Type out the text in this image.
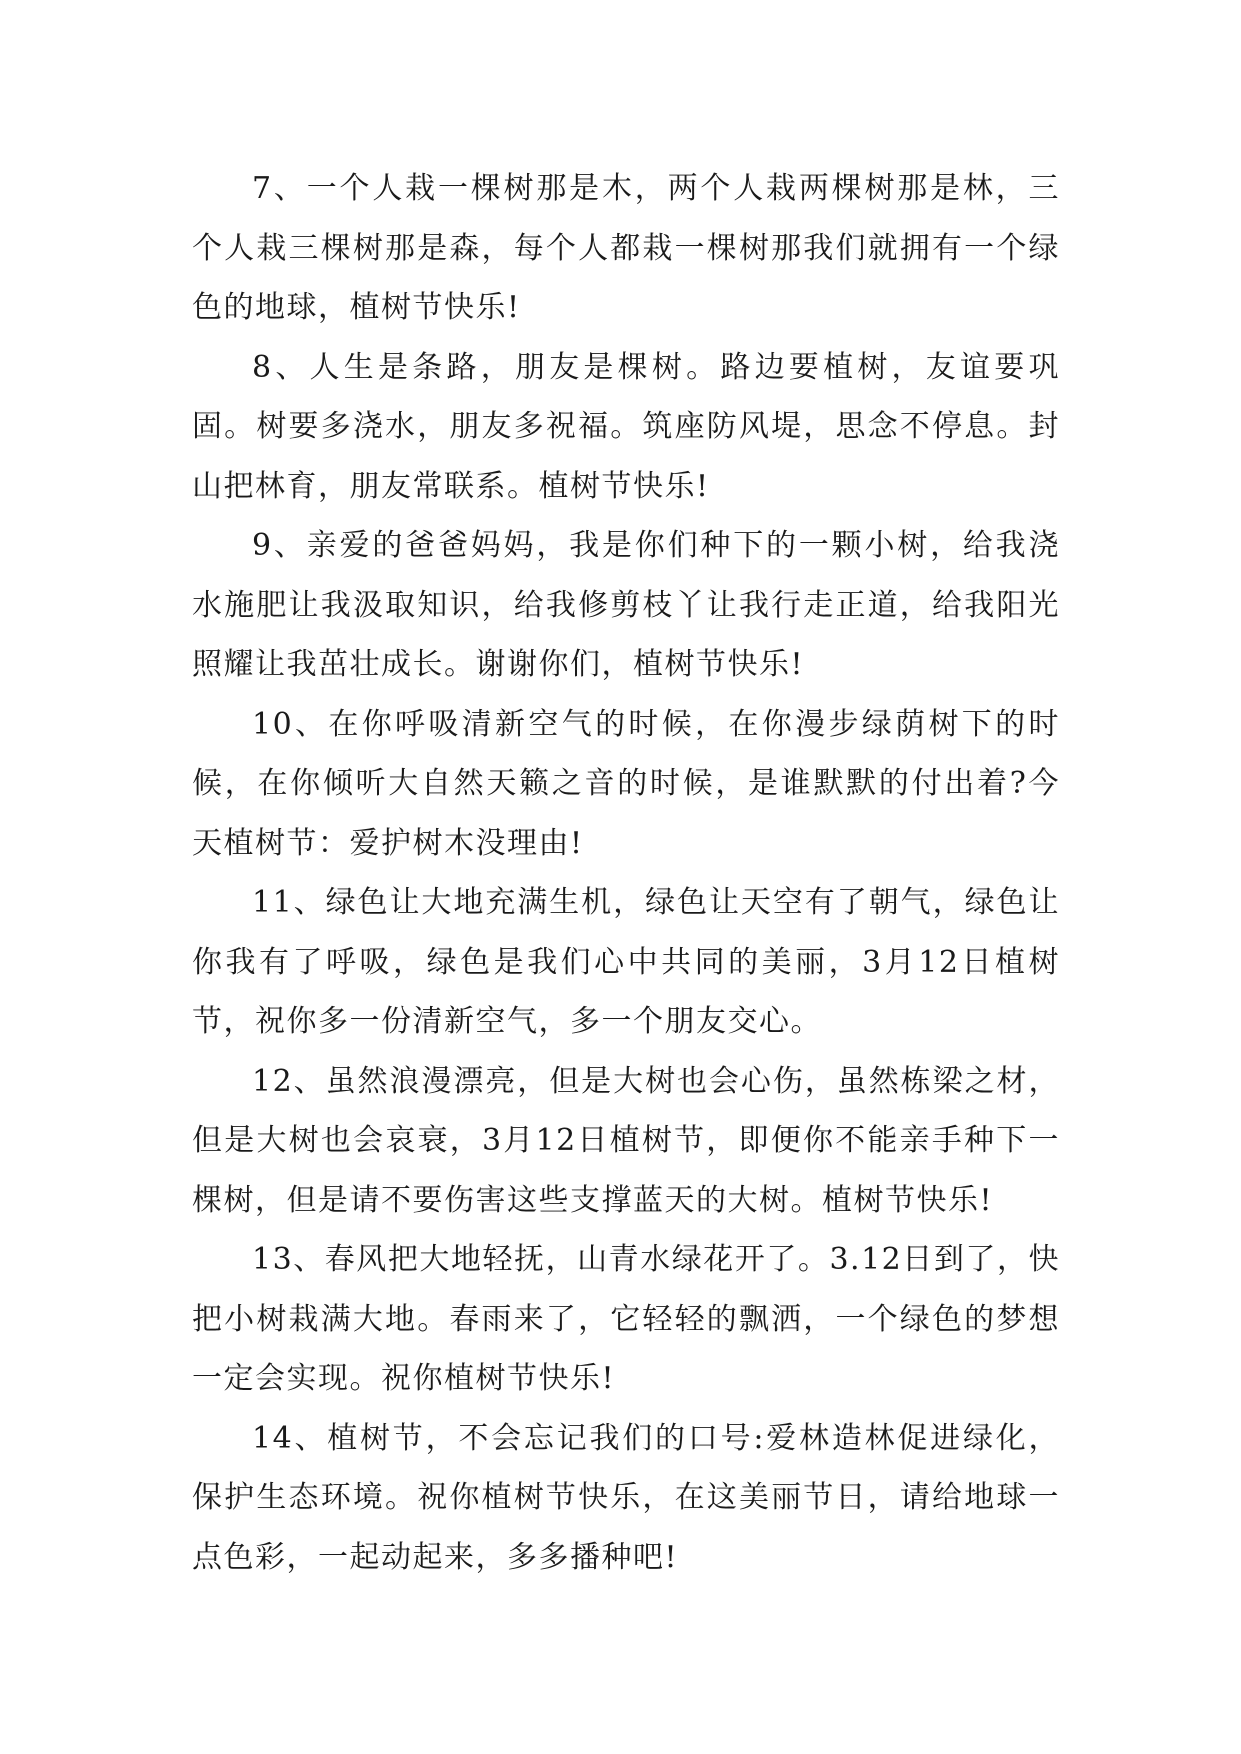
7、一个人栽一棵树那是木，两个人栽两棵树那是林，三个人栽三棵树那是森，每个人都栽一棵树那我们就拥有一个绿色的地球，植树节快乐!

8、人生是条路，朋友是棵树。路边要植树，友谊要巩固。树要多浇水，朋友多祝福。筑座防风堤，思念不停息。封山把林育，朋友常联系。植树节快乐!

9、亲爱的爸爸妈妈，我是你们种下的一颗小树，给我浇水施肥让我汲取知识，给我修剪枝丫让我行走正道，给我阳光照耀让我茁壮成长。谢谢你们，植树节快乐!

10、在你呼吸清新空气的时候，在你漫步绿荫树下的时候，在你倾听大自然天籁之音的时候，是谁默默的付出着?今天植树节：爱护树木没理由!

11、绿色让大地充满生机，绿色让天空有了朝气，绿色让你我有了呼吸，绿色是我们心中共同的美丽，3月12日植树节，祝你多一份清新空气，多一个朋友交心。

12、虽然浪漫漂亮，但是大树也会心伤，虽然栋梁之材，但是大树也会哀衰，3月12日植树节，即便你不能亲手种下一棵树，但是请不要伤害这些支撑蓝天的大树。植树节快乐!

13、春风把大地轻抚，山青水绿花开了。3.12日到了，快把小树栽满大地。春雨来了，它轻轻的飘洒，一个绿色的梦想一定会实现。祝你植树节快乐!

14、植树节，不会忘记我们的口号:爱林造林促进绿化，保护生态环境。祝你植树节快乐，在这美丽节日，请给地球一点色彩，一起动起来，多多播种吧!
